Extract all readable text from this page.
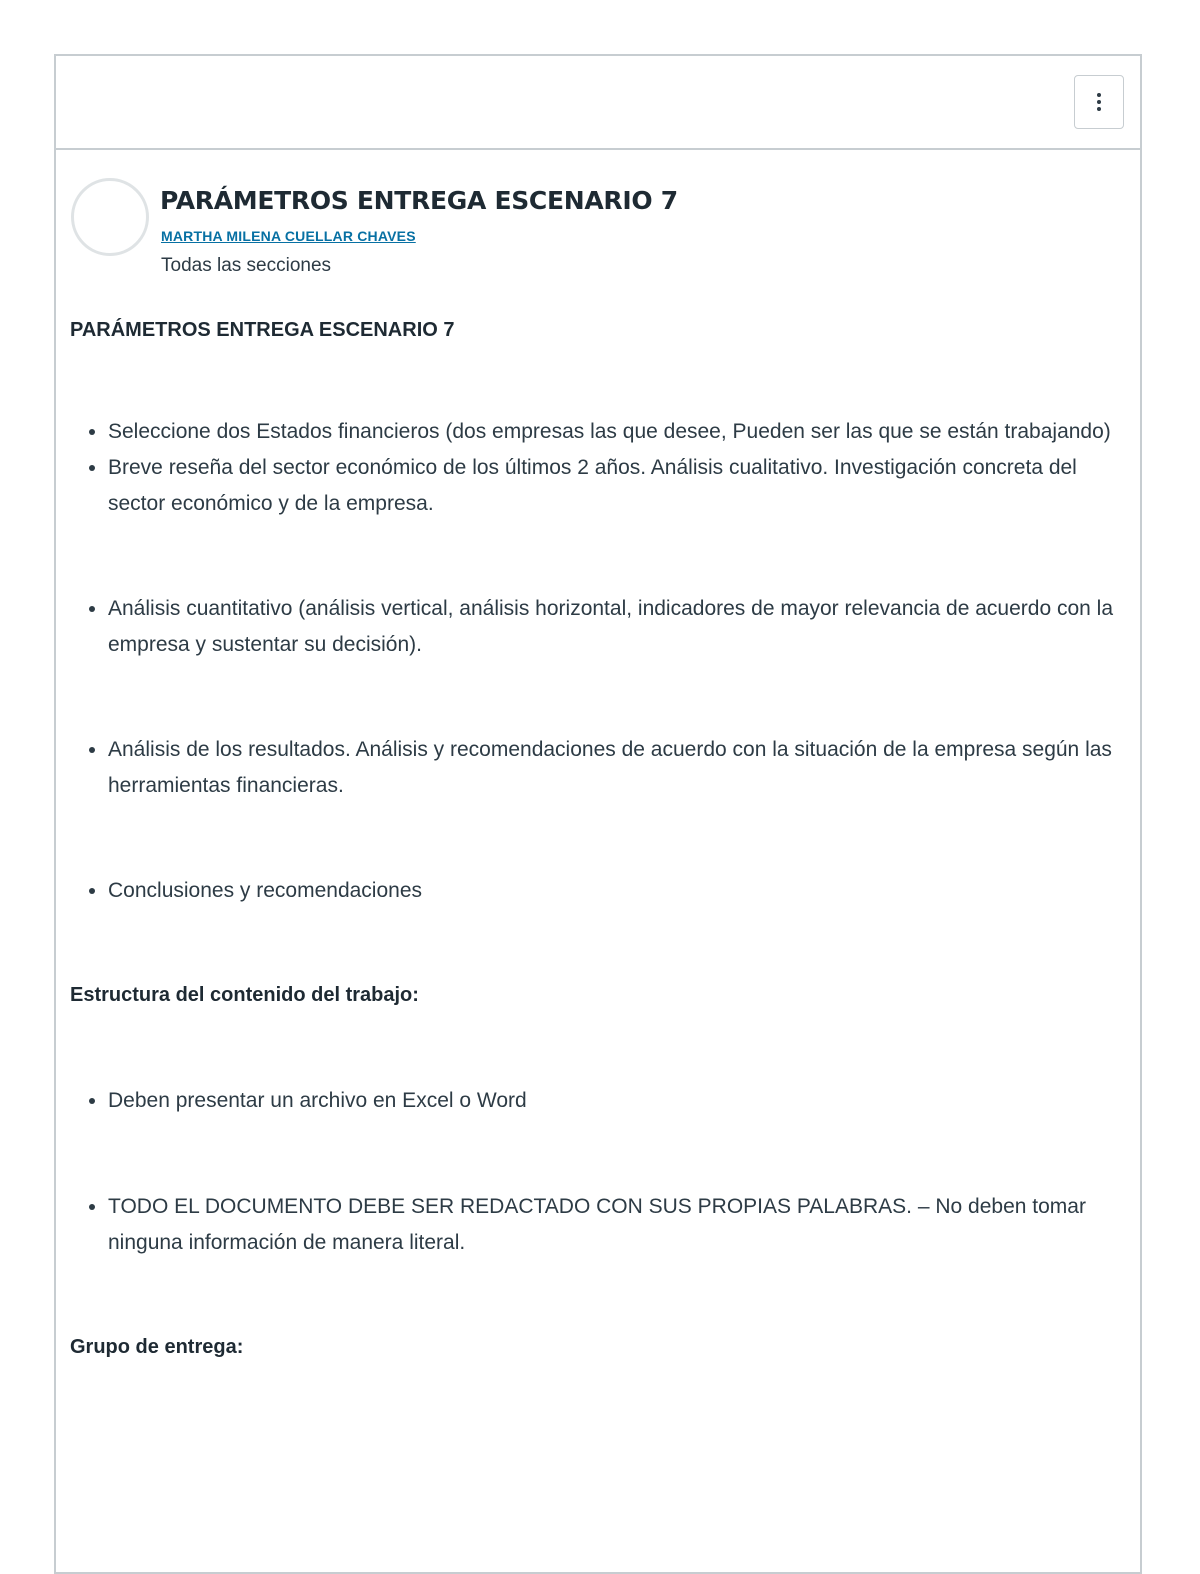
PARÁMETROS ENTREGA ESCENARIO 7
MARTHA MILENA CUELLAR CHAVES
Todas las secciones
PARÁMETROS ENTREGA ESCENARIO 7
• Seleccione dos Estados financieros (dos empresas las que desee, Pueden ser las que se están trabajando)
• Breve reseña del sector económico de los últimos 2 años. Análisis cualitativo. Investigación concreta del sector económico y de la empresa.
• Análisis cuantitativo (análisis vertical, análisis horizontal, indicadores de mayor relevancia de acuerdo con la empresa y sustentar su decisión).
• Análisis de los resultados. Análisis y recomendaciones de acuerdo con la situación de la empresa según las herramientas financieras.
• Conclusiones y recomendaciones
Estructura del contenido del trabajo:
• Deben presentar un archivo en Excel o Word
• TODO EL DOCUMENTO DEBE SER REDACTADO CON SUS PROPIAS PALABRAS. – No deben tomar ninguna información de manera literal.
Grupo de entrega:
